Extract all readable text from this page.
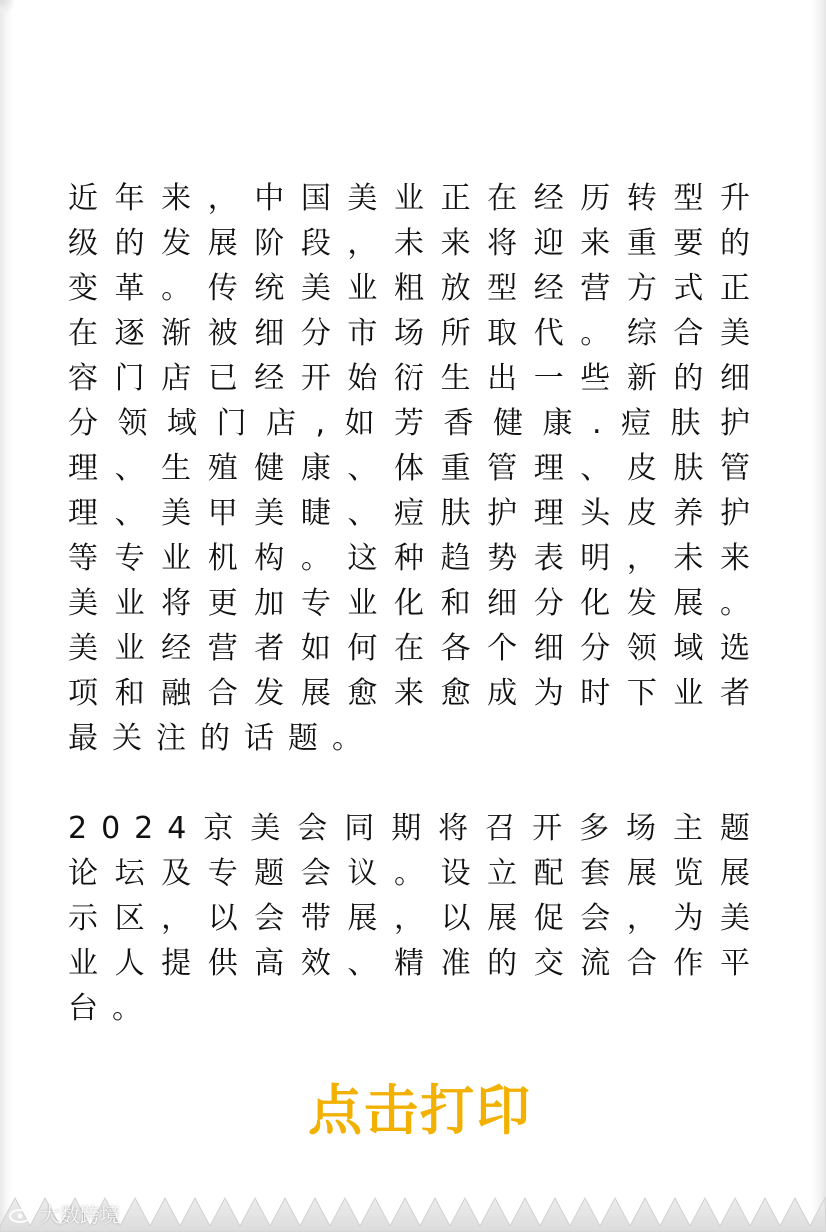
近年来，中国美业正在经历转型升级的发展阶段，未来将迎来重要的变革。传统美业粗放型经营方式正在逐渐被细分市场所取代。综合美容门店已经开始衍生出一些新的细分领域门店,如芳香健康.痘肤护理、生殖健康、体重管理、皮肤管理、美甲美睫、痘肤护理头皮养护等专业机构。这种趋势表明，未来美业将更加专业化和细分化发展。美业经营者如何在各个细分领域选项和融合发展愈来愈成为时下业者最关注的话题。

2024京美会同期将召开多场主题论坛及专题会议。设立配套展览展示区，以会带展，以展促会，为美业人提供高效、精准的交流合作平台。

点击打印
大数跨境
